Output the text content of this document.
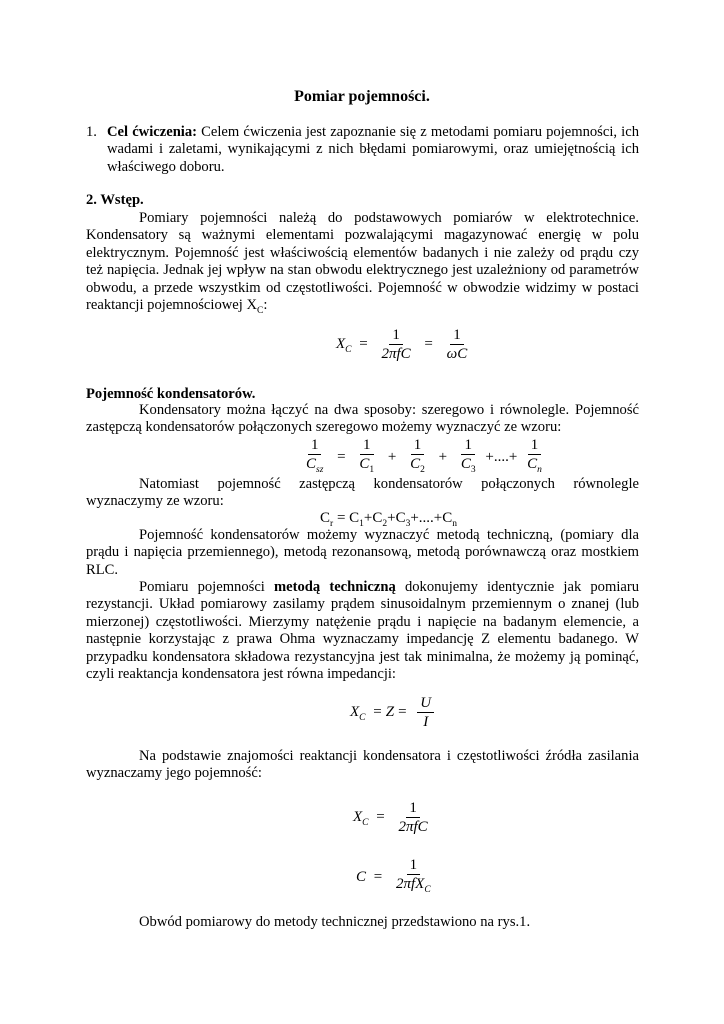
Pomiar pojemności.
1. Cel ćwiczenia: Celem ćwiczenia jest zapoznanie się z metodami pomiaru pojemności, ich wadami i zaletami, wynikającymi z nich błędami pomiarowymi, oraz umiejętnością ich właściwego doboru.
2. Wstęp.
Pomiary pojemności należą do podstawowych pomiarów w elektrotechnice. Kondensatory są ważnymi elementami pozwalającymi magazynować energię w polu elektrycznym. Pojemność jest właściwością elementów badanych i nie zależy od prądu czy też napięcia. Jednak jej wpływ na stan obwodu elektrycznego jest uzależniony od parametrów obwodu, a przede wszystkim od częstotliwości. Pojemność w obwodzie widzimy w postaci reaktancji pojemnościowej $X_C$:
$X_C = \frac{1}{\text{2πfC}} = \frac{1}{\omega C}$
Pojemność kondensatorów.
Kondensatory można łączyć na dwa sposoby: szeregowo i równolegle. Pojemność zastępczą kondensatorów połączonych szeregowo możemy wyznaczyć ze wzoru:
$\frac{1}{C_{sz}} = \frac{1}{C_1} + \frac{1}{C_2} + \frac{1}{C_3}$ +....+ $\frac{1}{C_n}$
Natomiast pojemność zastępczą kondensatorów połączonych równolegle wyznaczymy ze wzoru:
$C_r = C_1+C_2+C_3+....+C_n$
Pojemność kondensatorów możemy wyznaczyć metodą techniczną, (pomiary dla prądu i napięcia przemiennego), metodą rezonansową, metodą porównawczą oraz mostkiem RLC.
Pomiaru pojemności metodą techniczną dokonujemy identycznie jak pomiaru rezystancji. Układ pomiarowy zasilamy prądem sinusoidalnym przemiennym o znanej (lub mierzonej) częstotliwości. Mierzymy natężenie prądu i napięcie na badanym elemencie, a następnie korzystając z prawa Ohma wyznaczamy impedancję Z elementu badanego. W przypadku kondensatora składowa rezystancyjna jest tak minimalna, że możemy ją pominąć, czyli reaktancja kondensatora jest równa impedancji:
$X_C = Z = \frac{U}{I}$
Na podstawie znajomości reaktancji kondensatora i częstotliwości źródła zasilania wyznaczamy jego pojemność:
$X_C = \frac{1}{\text{2πfC}}$
$C = \frac{1}{2\pi fX_C}$
Obwód pomiarowy do metody technicznej przedstawiono na rys.1.
